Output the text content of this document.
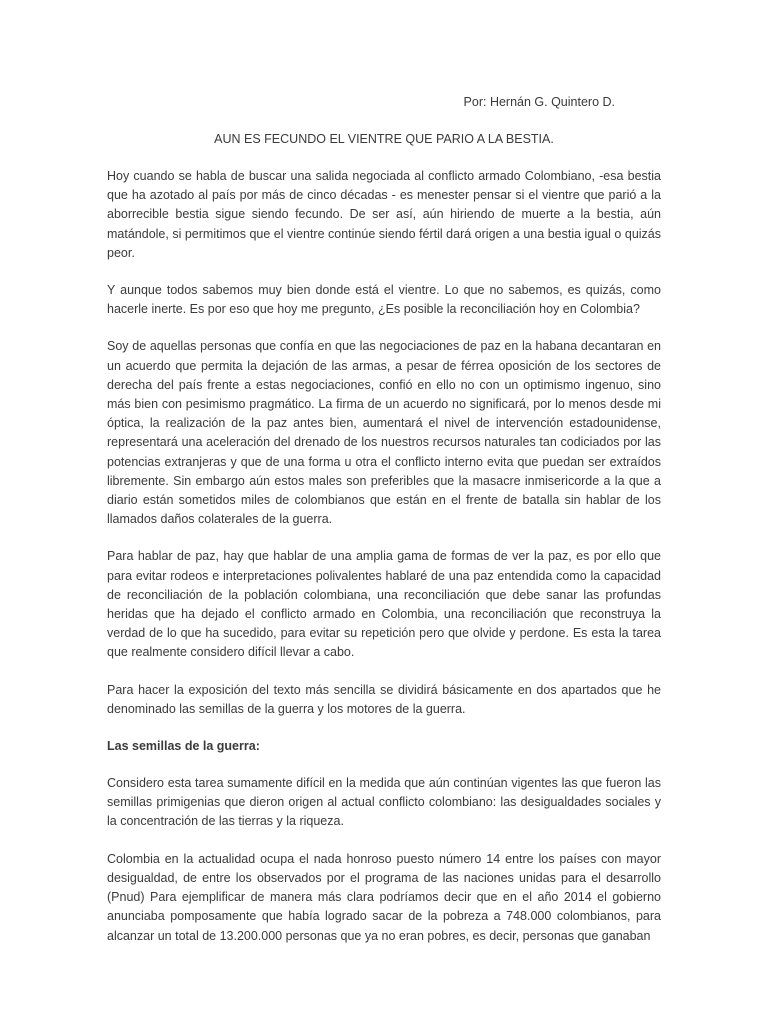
Por: Hernán G. Quintero D.

AUN ES FECUNDO EL VIENTRE QUE PARIO A LA BESTIA.

Hoy cuando se habla de buscar una salida negociada al conflicto armado Colombiano, -esa bestia que ha azotado al país por más de cinco décadas - es menester pensar si el vientre que parió a la aborrecible bestia sigue siendo fecundo. De ser así, aún hiriendo de muerte a la bestia, aún matándole, si permitimos que el vientre continúe siendo fértil dará origen a una bestia igual o quizás peor.

Y aunque todos sabemos muy bien donde está el vientre. Lo que no sabemos, es quizás, como hacerle inerte. Es por eso que hoy me pregunto, ¿Es posible la reconciliación hoy en Colombia?

Soy de aquellas personas que confía en que las negociaciones de paz en la habana decantaran en un acuerdo que permita la dejación de las armas, a pesar de férrea oposición de los sectores de derecha del país frente a estas negociaciones, confió en ello no con un optimismo ingenuo, sino más bien con pesimismo pragmático. La firma de un acuerdo no significará, por lo menos desde mi óptica, la realización de la paz antes bien, aumentará el nivel de intervención estadounidense, representará una aceleración del drenado de los nuestros recursos naturales tan codiciados por las potencias extranjeras y que de una forma u otra el conflicto interno evita que puedan ser extraídos libremente. Sin embargo aún estos males son preferibles que la masacre inmisericorde a la que a diario están sometidos miles de colombianos que están en el frente de batalla sin hablar de los llamados daños colaterales de la guerra.

Para hablar de paz, hay que hablar de una amplia gama de formas de ver la paz, es por ello que para evitar rodeos e interpretaciones polivalentes hablaré de una paz entendida como la capacidad de reconciliación de la población colombiana, una reconciliación que debe sanar las profundas heridas que ha dejado el conflicto armado en Colombia, una reconciliación que reconstruya la verdad de lo que ha sucedido, para evitar su repetición pero que olvide y perdone. Es esta la tarea que realmente considero difícil llevar a cabo.

Para hacer la exposición del texto más sencilla se dividirá básicamente en dos apartados que he denominado las semillas de la guerra y los motores de la guerra.

Las semillas de la guerra:

Considero esta tarea sumamente difícil en la medida que aún continúan vigentes las que fueron las semillas primigenias que dieron origen al actual conflicto colombiano: las desigualdades sociales y la concentración de las tierras y la riqueza.

Colombia en la actualidad ocupa el nada honroso puesto número 14 entre los países con mayor desigualdad, de entre los observados por el programa de las naciones unidas para el desarrollo (Pnud) Para ejemplificar de manera más clara podríamos decir que en el año 2014 el gobierno anunciaba pomposamente que había logrado sacar de la pobreza a 748.000 colombianos, para alcanzar un total de 13.200.000 personas que ya no eran pobres, es decir, personas que ganaban
